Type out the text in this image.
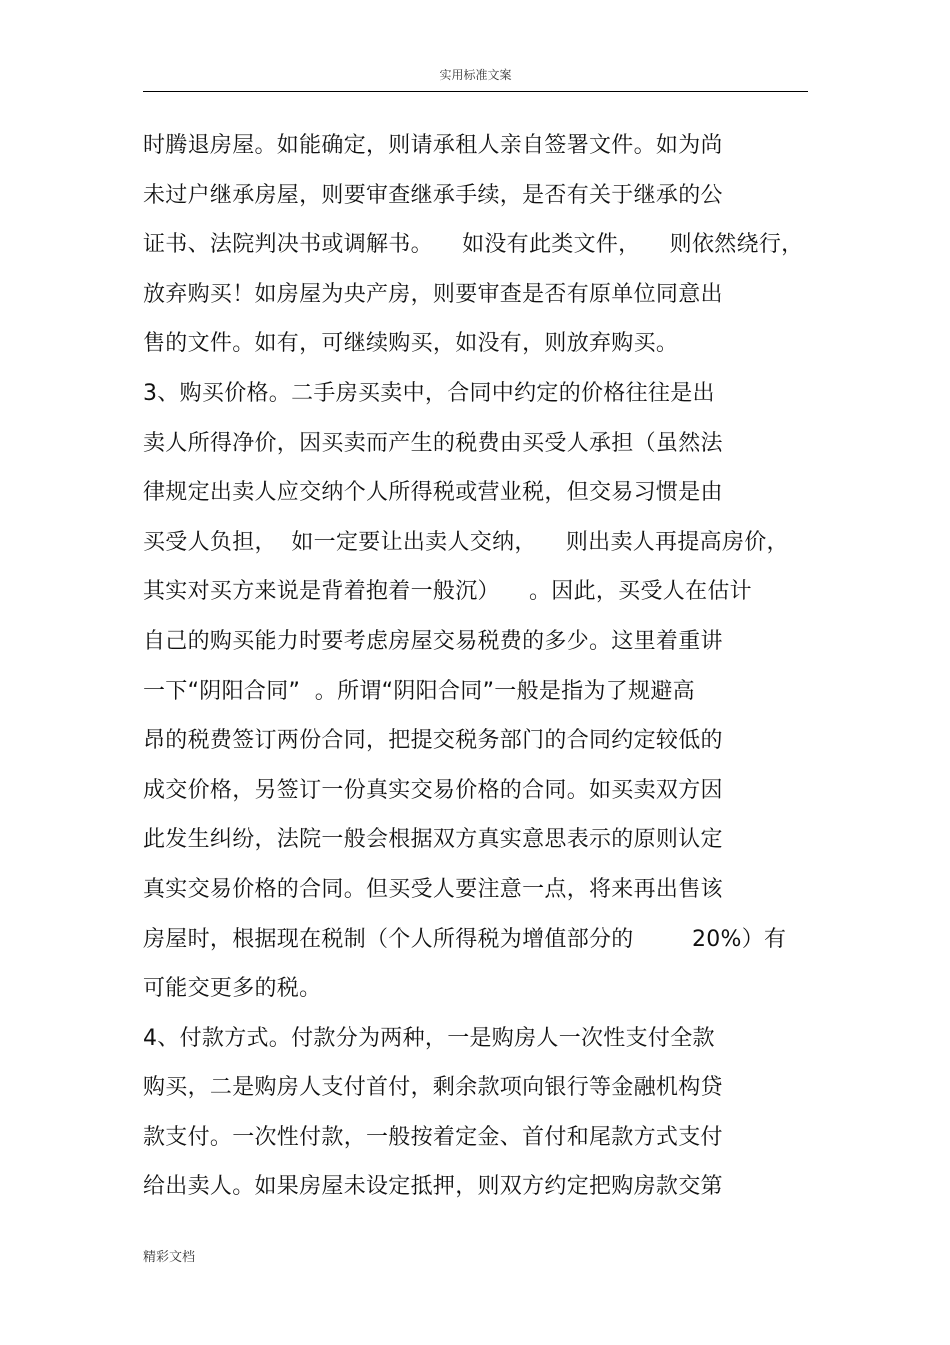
实用标准文案
时腾退房屋。如能确定，则请承租人亲自签署文件。如为尚
未过户继承房屋，则要审查继承手续，是否有关于继承的公
证书、法院判决书或调解书。    如没有此类文件，    则依然绕行，
放弃购买！如房屋为央产房，则要审查是否有原单位同意出
售的文件。如有，可继续购买，如没有，则放弃购买。
3、购买价格。二手房买卖中，合同中约定的价格往往是出
卖人所得净价，因买卖而产生的税费由买受人承担（虽然法
律规定出卖人应交纳个人所得税或营业税，但交易习惯是由
买受人负担，  如一定要让出卖人交纳，    则出卖人再提高房价，
其实对买方来说是背着抱着一般沉）    。因此，买受人在估计
自己的购买能力时要考虑房屋交易税费的多少。这里着重讲
一下“阴阳合同”  。所谓“阴阳合同”一般是指为了规避高
昂的税费签订两份合同，把提交税务部门的合同约定较低的
成交价格，另签订一份真实交易价格的合同。如买卖双方因
此发生纠纷，法院一般会根据双方真实意思表示的原则认定
真实交易价格的合同。但买受人要注意一点，将来再出售该
房屋时，根据现在税制（个人所得税为增值部分的        20%）有
可能交更多的税。
4、付款方式。付款分为两种，一是购房人一次性支付全款
购买，二是购房人支付首付，剩余款项向银行等金融机构贷
款支付。一次性付款，一般按着定金、首付和尾款方式支付
给出卖人。如果房屋未设定抵押，则双方约定把购房款交第
精彩文档
